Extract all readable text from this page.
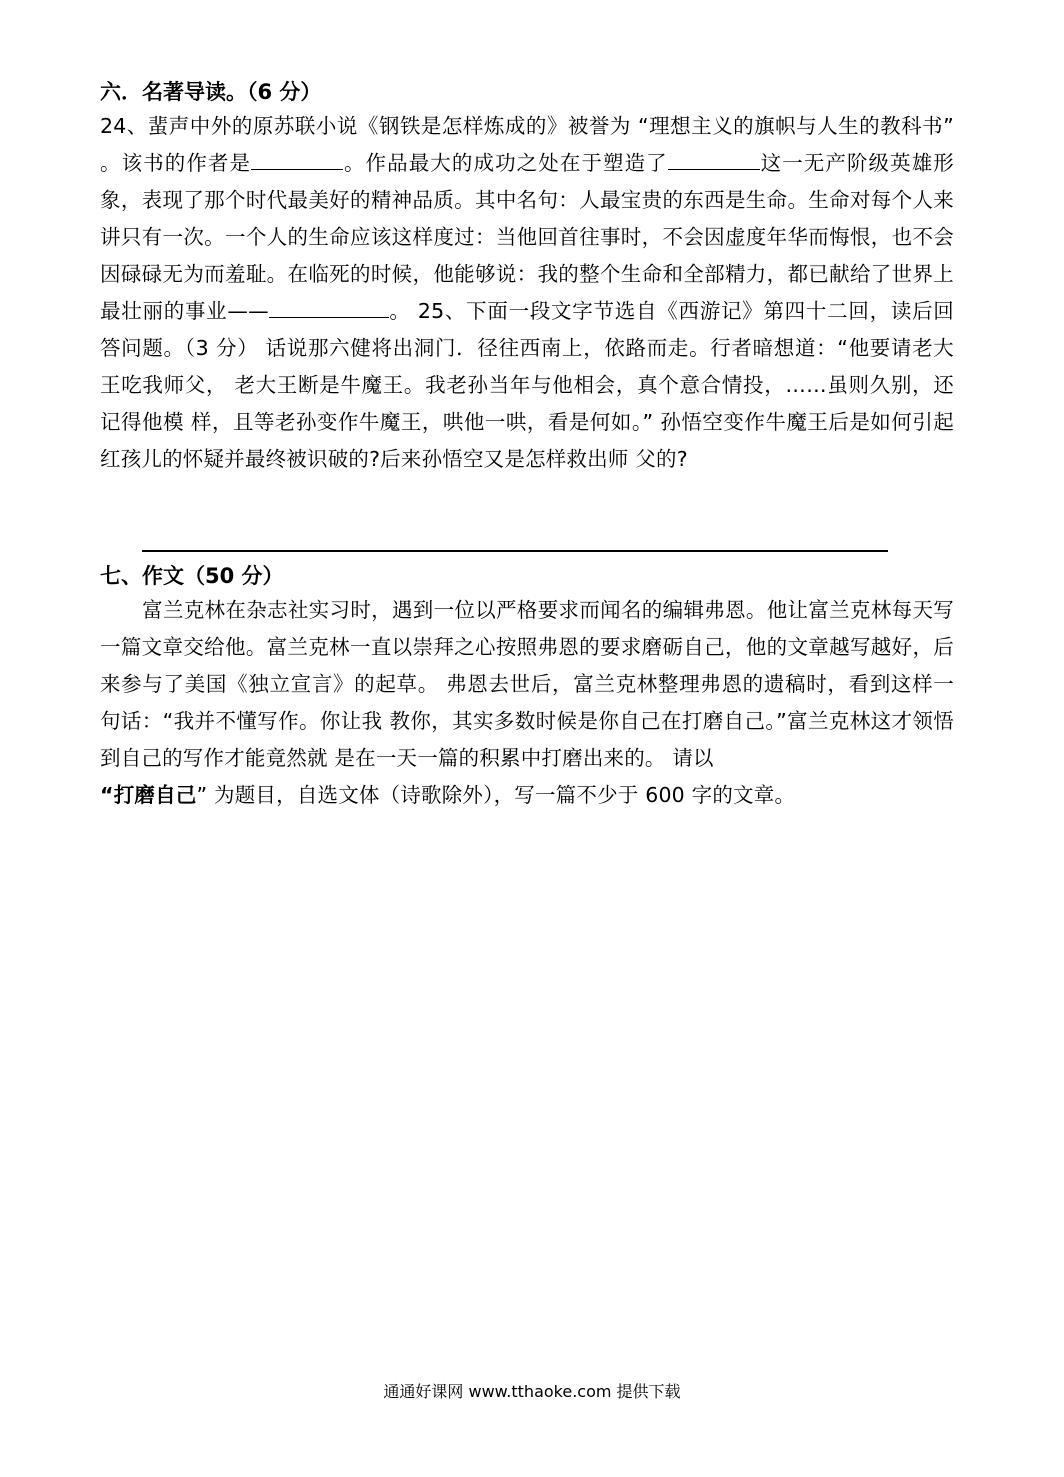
六．名著导读。（6 分）
24、蜚声中外的原苏联小说《钢铁是怎样炼成的》被誉为 “理想主义的旗帜与人生的教科书” 。该书的作者是	。作品最大的成功之处在于塑造了	这一无产阶级英雄形象，表现了那个时代最美好的精神品质。其中名句：人最宝贵的东西是生命。生命对每个人来讲只有一次。一个人的生命应该这样度过：当他回首往事时，不会因虚度年华而悔恨，也不会因碌碌无为而羞耻。在临死的时候，他能够说：我的整个生命和全部精力，都已献给了世界上最壮丽的事业——	。 25、下面一段文字节选自《西游记》第四十二回，读后回答问题。（3 分） 话说那六健将出洞门．径往西南上，依路而走。行者暗想道：“他要请老大王吃我师父， 老大王断是牛魔王。我老孙当年与他相会，真个意合情投，……虽则久别，还记得他模 样，且等老孙变作牛魔王，哄他一哄，看是何如。” 孙悟空变作牛魔王后是如何引起红孩儿的怀疑并最终被识破的?后来孙悟空又是怎样救出师 父的?
七、作文（50 分）
富兰克林在杂志社实习时，遇到一位以严格要求而闻名的编辑弗恩。他让富兰克林每天写一篇文章交给他。富兰克林一直以崇拜之心按照弗恩的要求磨砺自己，他的文章越写越好，后来参与了美国《独立宣言》的起草。 弗恩去世后，富兰克林整理弗恩的遗稿时，看到这样一句话：“我并不懂写作。你让我 教你，其实多数时候是你自己在打磨自己。”富兰克林这才领悟到自己的写作才能竟然就 是在一天一篇的积累中打磨出来的。 请以
“打磨自己” 为题目，自选文体（诗歌除外），写一篇不少于 600 字的文章。
通通好课网 www.tthaoke.com 提供下载
